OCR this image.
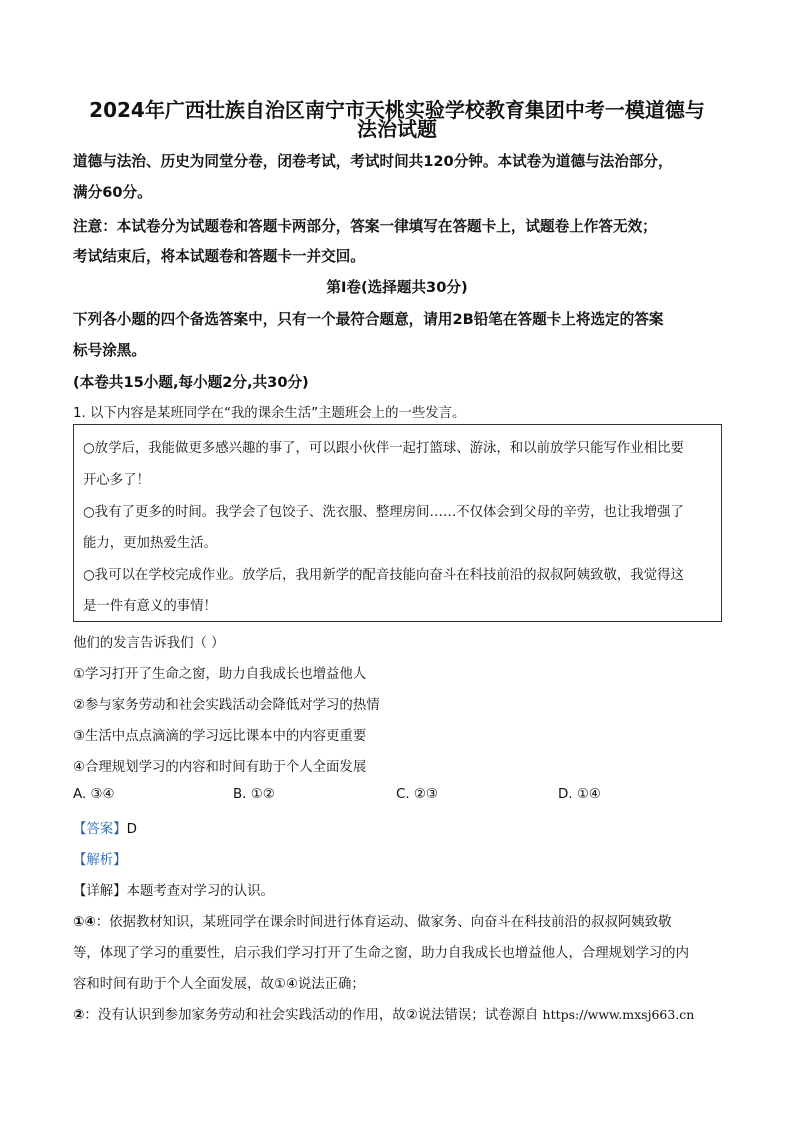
2024年广西壮族自治区南宁市天桃实验学校教育集团中考一模道德与
法治试题
道德与法治、历史为同堂分卷，闭卷考试，考试时间共120分钟。本试卷为道德与法治部分，
满分60分。
注意：本试卷分为试题卷和答题卡两部分，答案一律填写在答题卡上，试题卷上作答无效；
考试结束后，将本试题卷和答题卡一并交回。
第Ⅰ卷(选择题共30分)
下列各小题的四个备选答案中，只有一个最符合题意，请用2B铅笔在答题卡上将选定的答案
标号涂黑。
(本卷共15小题,每小题2分,共30分)
1. 以下内容是某班同学在“我的课余生活”主题班会上的一些发言。
○放学后，我能做更多感兴趣的事了，可以跟小伙伴一起打篮球、游泳，和以前放学只能写作业相比要
开心多了！
○我有了更多的时间。我学会了包饺子、洗衣服、整理房间……不仅体会到父母的辛劳，也让我增强了
能力，更加热爱生活。
○我可以在学校完成作业。放学后，我用新学的配音技能向奋斗在科技前沿的叔叔阿姨致敬，我觉得这
是一件有意义的事情！
他们的发言告诉我们（ ）
①学习打开了生命之窗，助力自我成长也增益他人
②参与家务劳动和社会实践活动会降低对学习的热情
③生活中点点滴滴的学习远比课本中的内容更重要
④合理规划学习的内容和时间有助于个人全面发展
A. ③④	B. ①②	C. ②③	D. ①④
【答案】D
【解析】
【详解】本题考查对学习的认识。
①④：依据教材知识，某班同学在课余时间进行体育运动、做家务、向奋斗在科技前沿的叔叔阿姨致敬
等，体现了学习的重要性，启示我们学习打开了生命之窗，助力自我成长也增益他人，合理规划学习的内
容和时间有助于个人全面发展，故①④说法正确；
②：没有认识到参加家务劳动和社会实践活动的作用，故②说法错误；试卷源自 https://www.mxsj663.cn
